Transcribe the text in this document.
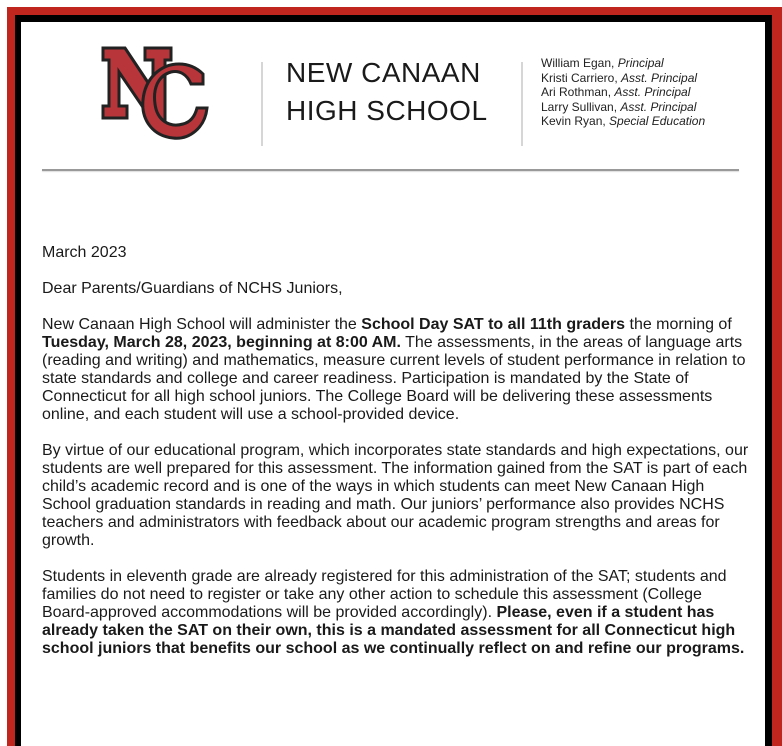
NEW CANAAN
HIGH SCHOOL
William Egan, Principal
Kristi Carriero, Asst. Principal
Ari Rothman, Asst. Principal
Larry Sullivan, Asst. Principal
Kevin Ryan, Special Education

March 2023

Dear Parents/Guardians of NCHS Juniors,

New Canaan High School will administer the School Day SAT to all 11th graders the morning of Tuesday, March 28, 2023, beginning at 8:00 AM. The assessments, in the areas of language arts (reading and writing) and mathematics, measure current levels of student performance in relation to state standards and college and career readiness. Participation is mandated by the State of Connecticut for all high school juniors. The College Board will be delivering these assessments online, and each student will use a school-provided device.

By virtue of our educational program, which incorporates state standards and high expectations, our students are well prepared for this assessment. The information gained from the SAT is part of each child’s academic record and is one of the ways in which students can meet New Canaan High School graduation standards in reading and math. Our juniors’ performance also provides NCHS teachers and administrators with feedback about our academic program strengths and areas for growth.

Students in eleventh grade are already registered for this administration of the SAT; students and families do not need to register or take any other action to schedule this assessment (College Board-approved accommodations will be provided accordingly). Please, even if a student has already taken the SAT on their own, this is a mandated assessment for all Connecticut high school juniors that benefits our school as we continually reflect on and refine our programs.
